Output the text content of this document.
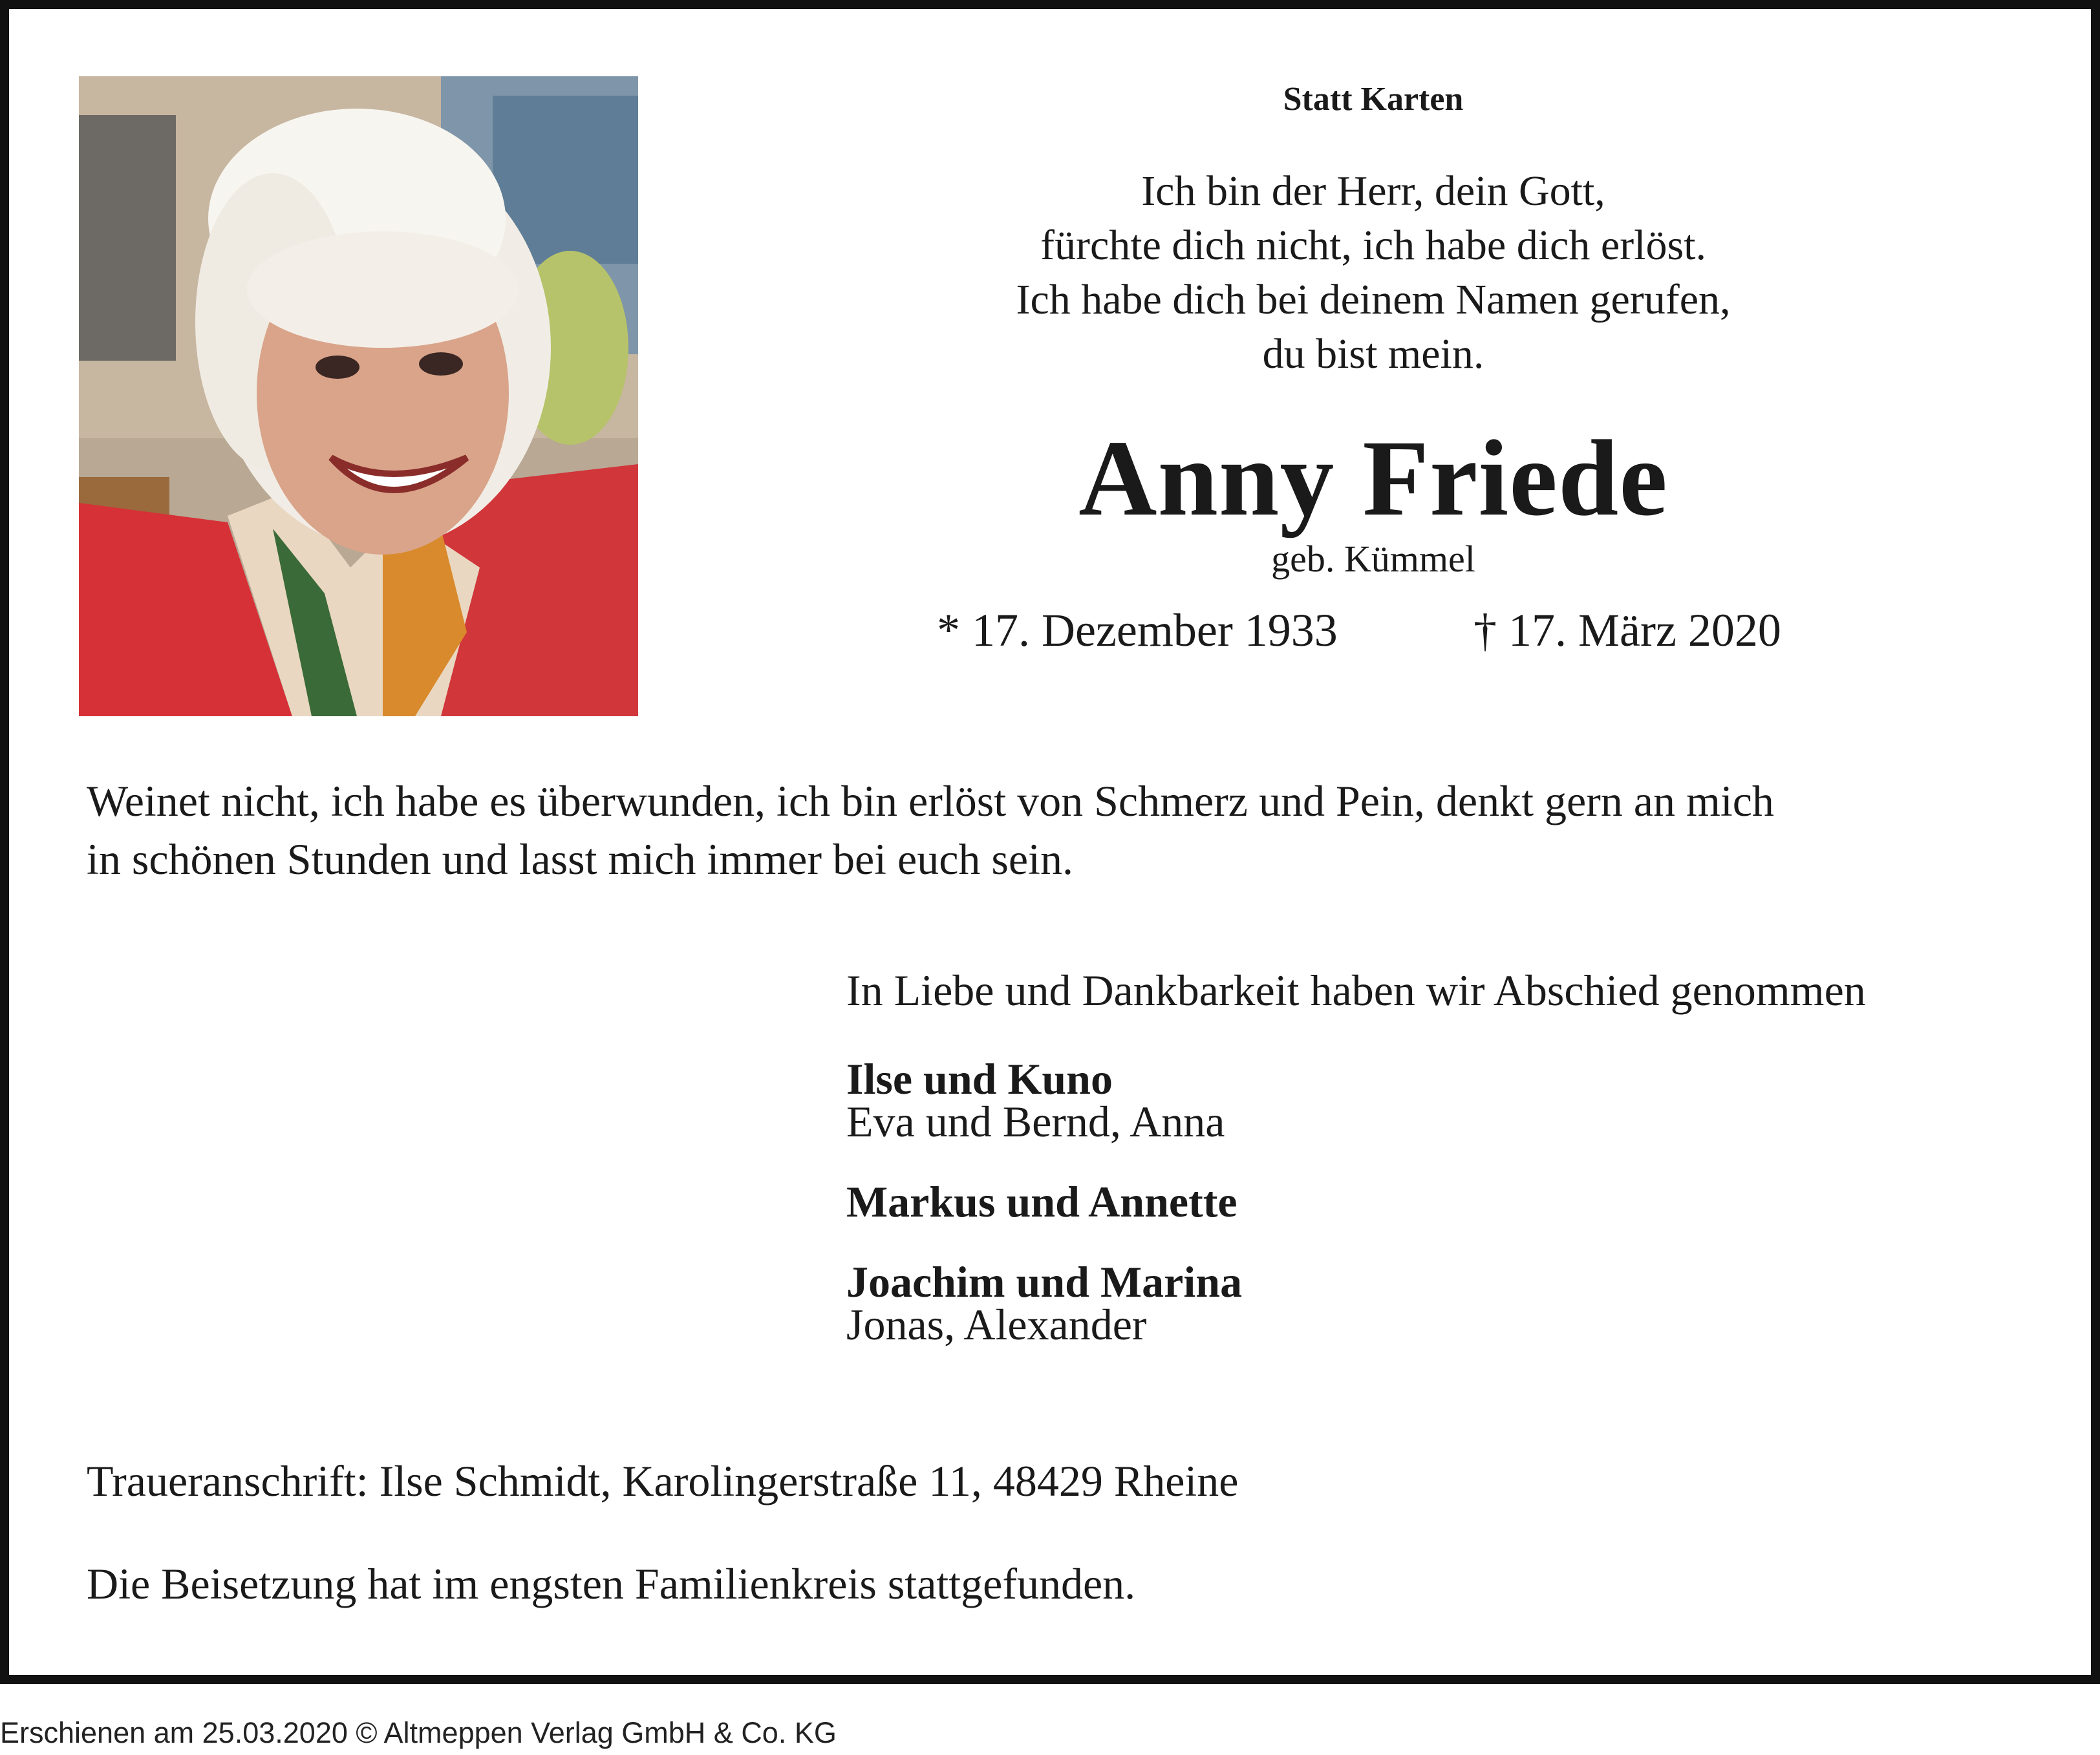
Statt Karten
Ich bin der Herr, dein Gott,
fürchte dich nicht, ich habe dich erlöst.
Ich habe dich bei deinem Namen gerufen,
du bist mein.
Anny Friede
geb. Kümmel
* 17. Dezember 1933	† 17. März 2020
Weinet nicht, ich habe es überwunden, ich bin erlöst von Schmerz und Pein, denkt gern an mich
in schönen Stunden und lasst mich immer bei euch sein.
In Liebe und Dankbarkeit haben wir Abschied genommen
Ilse und Kuno
Eva und Bernd, Anna
Markus und Annette
Joachim und Marina
Jonas, Alexander
Traueranschrift: Ilse Schmidt, Karolingerstraße 11, 48429 Rheine
Die Beisetzung hat im engsten Familienkreis stattgefunden.
Erschienen am 25.03.2020 © Altmeppen Verlag GmbH & Co. KG
